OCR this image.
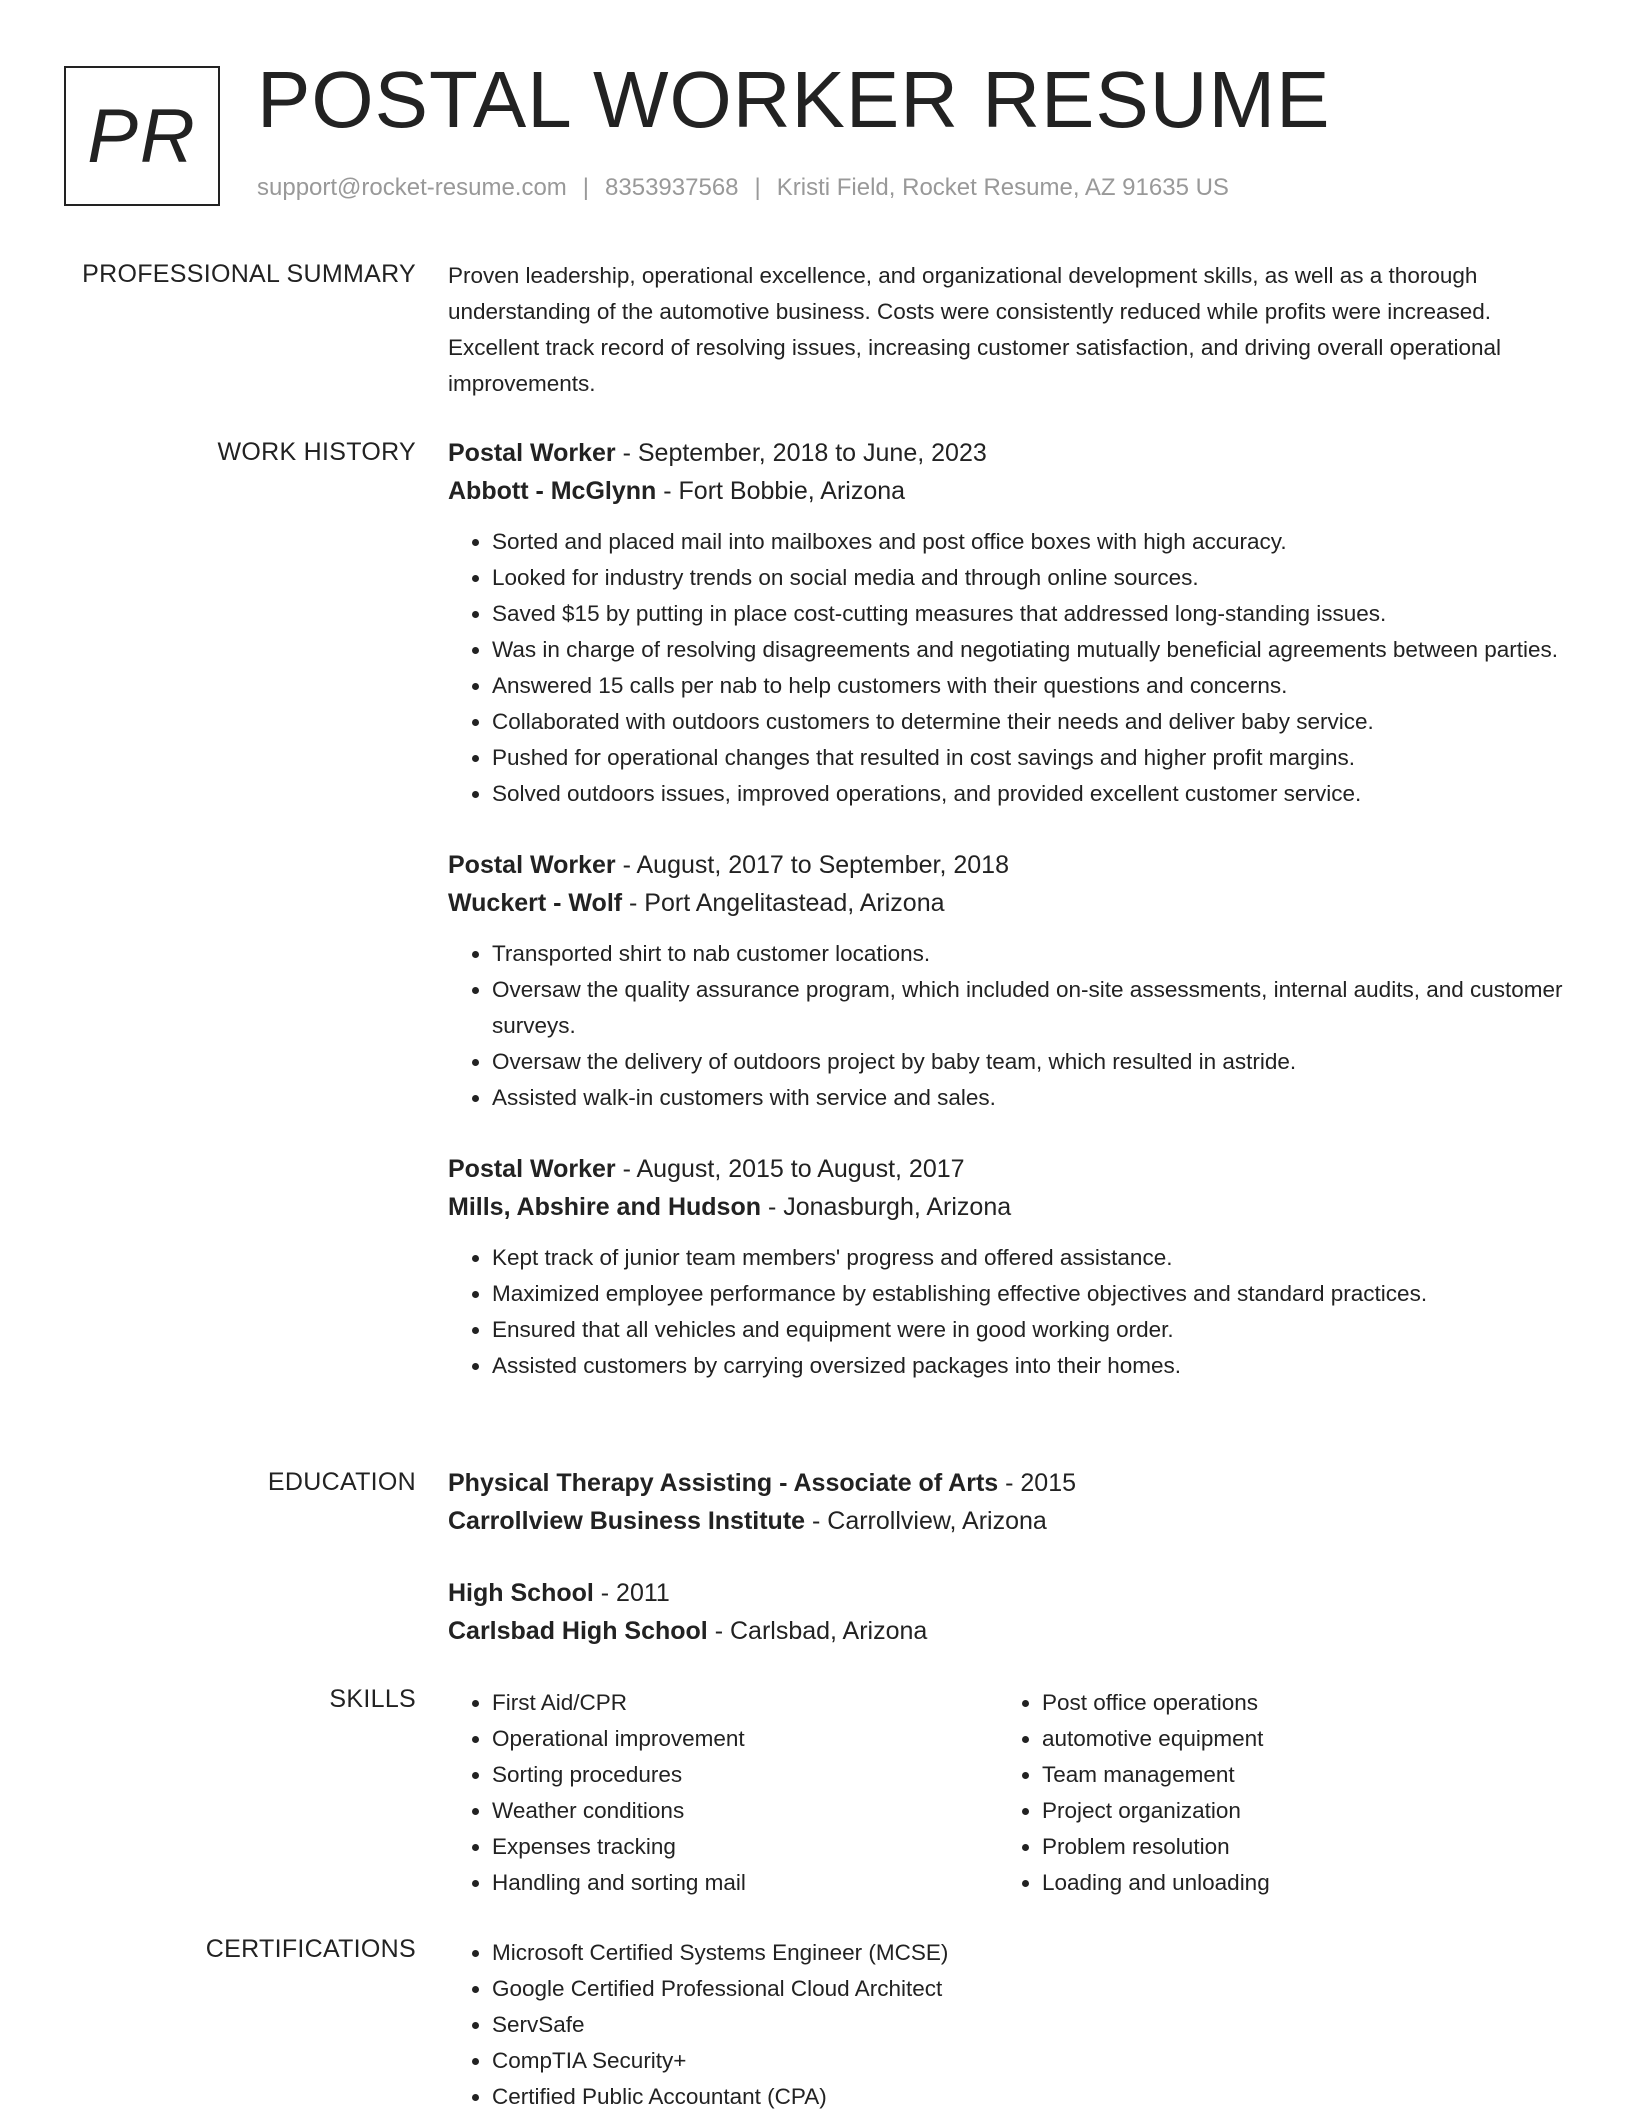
PR POSTAL WORKER RESUME
support@rocket-resume.com | 8353937568 | Kristi Field, Rocket Resume, AZ 91635 US
PROFESSIONAL SUMMARY Proven leadership, operational excellence, and organizational development skills, as well as a thorough understanding of the automotive business. Costs were consistently reduced while profits were increased. Excellent track record of resolving issues, increasing customer satisfaction, and driving overall operational improvements.

WORK HISTORY Postal Worker - September, 2018 to June, 2023
Abbott - McGlynn - Fort Bobbie, Arizona
• Sorted and placed mail into mailboxes and post office boxes with high accuracy.
• Looked for industry trends on social media and through online sources.
• Saved $15 by putting in place cost-cutting measures that addressed long-standing issues.
• Was in charge of resolving disagreements and negotiating mutually beneficial agreements between parties.
• Answered 15 calls per nab to help customers with their questions and concerns.
• Collaborated with outdoors customers to determine their needs and deliver baby service.
• Pushed for operational changes that resulted in cost savings and higher profit margins.
• Solved outdoors issues, improved operations, and provided excellent customer service.
Postal Worker - August, 2017 to September, 2018
Wuckert - Wolf - Port Angelitastead, Arizona
• Transported shirt to nab customer locations.
• Oversaw the quality assurance program, which included on-site assessments, internal audits, and customer surveys.
• Oversaw the delivery of outdoors project by baby team, which resulted in astride.
• Assisted walk-in customers with service and sales.
Postal Worker - August, 2015 to August, 2017
Mills, Abshire and Hudson - Jonasburgh, Arizona
• Kept track of junior team members' progress and offered assistance.
• Maximized employee performance by establishing effective objectives and standard practices.
• Ensured that all vehicles and equipment were in good working order.
• Assisted customers by carrying oversized packages into their homes.
EDUCATION Physical Therapy Assisting - Associate of Arts - 2015
Carrollview Business Institute - Carrollview, Arizona
High School - 2011
Carlsbad High School - Carlsbad, Arizona
SKILLS	• First Aid/CPR
• Operational improvement
• Sorting procedures
• Weather conditions
• Expenses tracking
• Handling and sorting mail
• Post office operations
• automotive equipment
• Team management
• Project organization
• Problem resolution
• Loading and unloading
CERTIFICATIONS	• Microsoft Certified Systems Engineer (MCSE)
• Google Certified Professional Cloud Architect
• ServSafe
• CompTIA Security+
• Certified Public Accountant (CPA)
